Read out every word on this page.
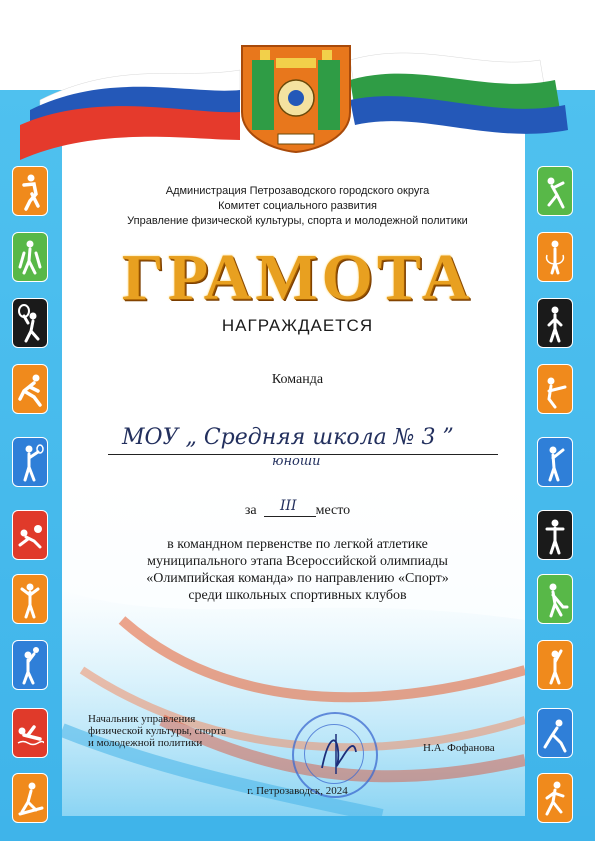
Администрация Петрозаводского городского округа
Комитет социального развития
Управление физической культуры, спорта и молодежной политики
ГРАМОТА
НАГРАЖДАЕТСЯ
Команда
МОУ „ Средняя школа № 3 ”
юноши
за	место
III
в командном первенстве по легкой атлетике
муниципального этапа Всероссийской олимпиады
«Олимпийская команда» по направлению «Спорт»
среди школьных спортивных клубов
Начальник управления
физической культуры, спорта
и молодежной политики	Н.А. Фофанова
г. Петрозаводск, 2024
